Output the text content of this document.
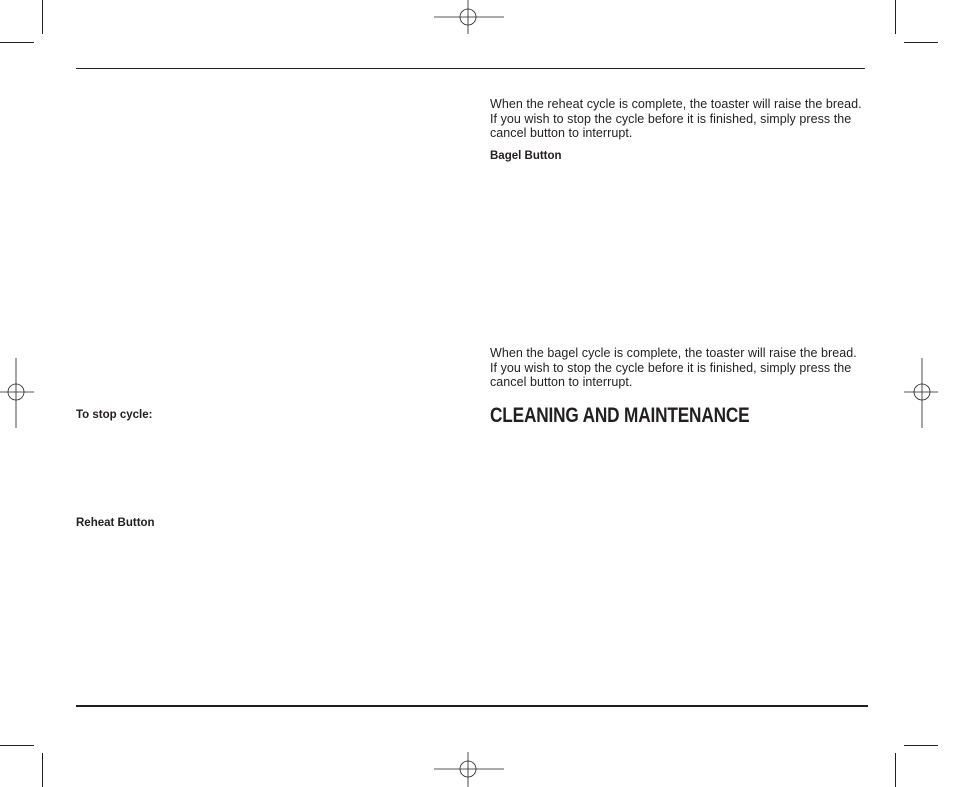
To stop cycle:

Reheat Button

When the reheat cycle is complete, the toaster will raise the bread. If you wish to stop the cycle before it is finished, simply press the cancel button to interrupt.

Bagel Button

When the bagel cycle is complete, the toaster will raise the bread. If you wish to stop the cycle before it is finished, simply press the cancel button to interrupt.

CLEANING AND MAINTENANCE
